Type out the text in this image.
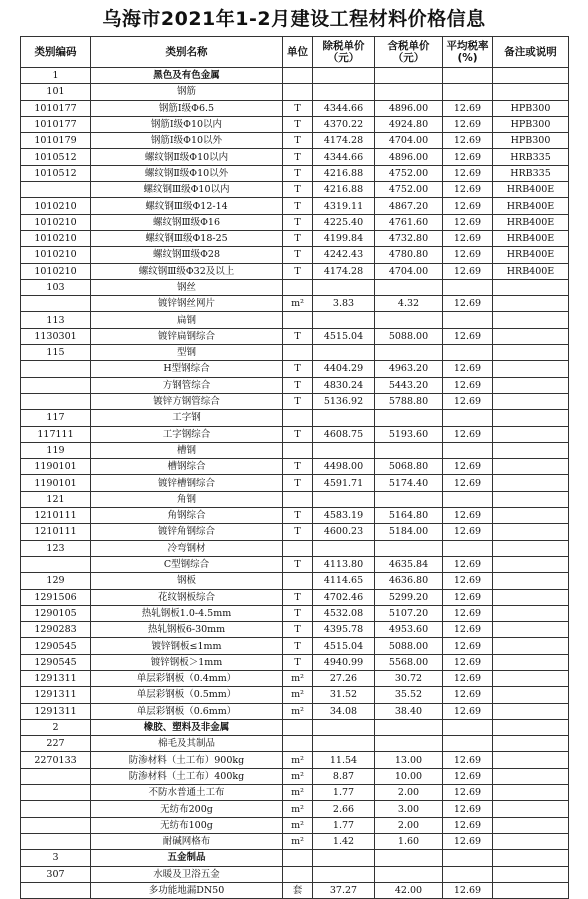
乌海市2021年1-2月建设工程材料价格信息
类别编码	类别名称	单位	除税单价（元）	含税单价（元）	平均税率(%)	备注或说明
1	黑色及有色金属					
101	钢筋					
1010177	钢筋Ⅰ级Φ6.5	T	4344.66	4896.00	12.69	HPB300
1010177	钢筋Ⅰ级Φ10以内	T	4370.22	4924.80	12.69	HPB300
1010179	钢筋Ⅰ级Φ10以外	T	4174.28	4704.00	12.69	HPB300
1010512	螺纹钢Ⅱ级Φ10以内	T	4344.66	4896.00	12.69	HRB335
1010512	螺纹钢Ⅱ级Φ10以外	T	4216.88	4752.00	12.69	HRB335
	螺纹钢Ⅲ级Φ10以内	T	4216.88	4752.00	12.69	HRB400E
1010210	螺纹钢Ⅲ级Φ12-14	T	4319.11	4867.20	12.69	HRB400E
1010210	螺纹钢Ⅲ级Φ16	T	4225.40	4761.60	12.69	HRB400E
1010210	螺纹钢Ⅲ级Φ18-25	T	4199.84	4732.80	12.69	HRB400E
1010210	螺纹钢Ⅲ级Φ28	T	4242.43	4780.80	12.69	HRB400E
1010210	螺纹钢Ⅲ级Φ32及以上	T	4174.28	4704.00	12.69	HRB400E
103	钢丝					
	镀锌钢丝网片	m²	3.83	4.32	12.69	
113	扁钢					
1130301	镀锌扁钢综合	T	4515.04	5088.00	12.69	
115	型钢					
	H型钢综合	T	4404.29	4963.20	12.69	
	方钢管综合	T	4830.24	5443.20	12.69	
	镀锌方钢管综合	T	5136.92	5788.80	12.69	
117	工字钢					
117111	工字钢综合	T	4608.75	5193.60	12.69	
119	槽钢					
1190101	槽钢综合	T	4498.00	5068.80	12.69	
1190101	镀锌槽钢综合	T	4591.71	5174.40	12.69	
121	角钢					
1210111	角钢综合	T	4583.19	5164.80	12.69	
1210111	镀锌角钢综合	T	4600.23	5184.00	12.69	
123	冷弯钢材					
	C型钢综合	T	4113.80	4635.84	12.69	
129	钢板		4114.65	4636.80	12.69	
1291506	花纹钢板综合	T	4702.46	5299.20	12.69	
1290105	热轧钢板1.0-4.5mm	T	4532.08	5107.20	12.69	
1290283	热轧钢板6-30mm	T	4395.78	4953.60	12.69	
1290545	镀锌钢板≤1mm	T	4515.04	5088.00	12.69	
1290545	镀锌钢板＞1mm	T	4940.99	5568.00	12.69	
1291311	单层彩钢板（0.4mm）	m²	27.26	30.72	12.69	
1291311	单层彩钢板（0.5mm）	m²	31.52	35.52	12.69	
1291311	单层彩钢板（0.6mm）	m²	34.08	38.40	12.69	
2	橡胶、塑料及非金属					
227	棉毛及其制品					
2270133	防渗材料（土工布）900kg	m²	11.54	13.00	12.69	
	防渗材料（土工布）400kg	m²	8.87	10.00	12.69	
	不防水普通土工布	m²	1.77	2.00	12.69	
	无纺布200g	m²	2.66	3.00	12.69	
	无纺布100g	m²	1.77	2.00	12.69	
	耐碱网格布	m²	1.42	1.60	12.69	
3	五金制品					
307	水暖及卫浴五金					
	多功能地漏DN50	套	37.27	42.00	12.69	
